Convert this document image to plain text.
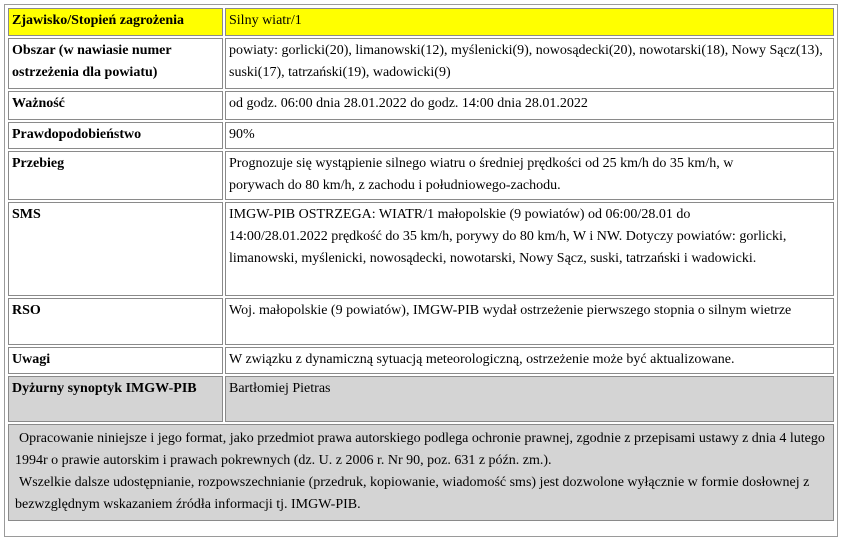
Zjawisko/Stopień zagrożenia	Silny wiatr/1
Obszar (w nawiasie numer ostrzeżenia dla powiatu)	powiaty: gorlicki(20), limanowski(12), myślenicki(9), nowosądecki(20), nowotarski(18), Nowy Sącz(13), suski(17), tatrzański(19), wadowicki(9)
Ważność	od godz. 06:00 dnia 28.01.2022 do godz. 14:00 dnia 28.01.2022
Prawdopodobieństwo	90%
Przebieg	Prognozuje się wystąpienie silnego wiatru o średniej prędkości od 25 km/h do 35 km/h, w porywach do 80 km/h, z zachodu i południowego-zachodu.
SMS	IMGW-PIB OSTRZEGA: WIATR/1 małopolskie (9 powiatów) od 06:00/28.01 do 14:00/28.01.2022 prędkość do 35 km/h, porywy do 80 km/h, W i NW. Dotyczy powiatów: gorlicki, limanowski, myślenicki, nowosądecki, nowotarski, Nowy Sącz, suski, tatrzański i wadowicki.
RSO	Woj. małopolskie (9 powiatów), IMGW-PIB wydał ostrzeżenie pierwszego stopnia o silnym wietrze
Uwagi	W związku z dynamiczną sytuacją meteorologiczną, ostrzeżenie może być aktualizowane.
Dyżurny synoptyk IMGW-PIB	Bartłomiej Pietras

Opracowanie niniejsze i jego format, jako przedmiot prawa autorskiego podlega ochronie prawnej, zgodnie z przepisami ustawy z dnia 4 lutego 1994r o prawie autorskim i prawach pokrewnych (dz. U. z 2006 r. Nr 90, poz. 631 z późn. zm.).
Wszelkie dalsze udostępnianie, rozpowszechnianie (przedruk, kopiowanie, wiadomość sms) jest dozwolone wyłącznie w formie dosłownej z bezwzględnym wskazaniem źródła informacji tj. IMGW-PIB.	
